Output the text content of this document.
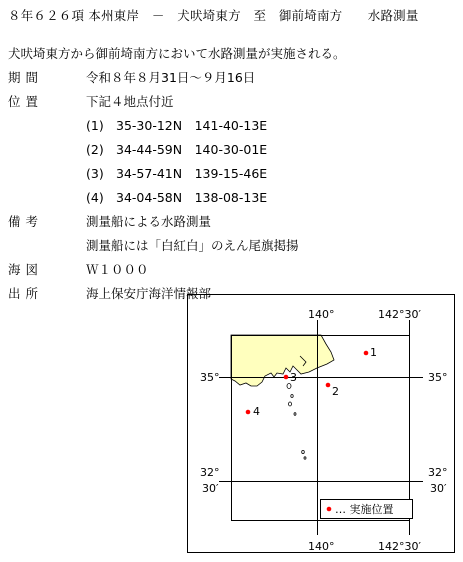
８年６２６項 本州東岸　－　犬吠埼東方　至　御前埼南方　　水路測量
犬吠埼東方から御前埼南方において水路測量が実施される。
期間	令和８年８月31日～９月16日
位置	下記４地点付近
(1) 35-30-12N　141-40-13E
(2) 34-44-59N　140-30-01E
(3) 34-57-41N　139-15-46E
(4) 34-04-58N　138-08-13E
備考	測量船による水路測量
測量船には「白紅白」のえん尾旗掲揚
海図	Ｗ１０００
出所	海上保安庁海洋情報部
140°	142°30′
140°	142°30′
35°	35°
32°
30′
32°
30′
1
2
3
4
… 実施位置
